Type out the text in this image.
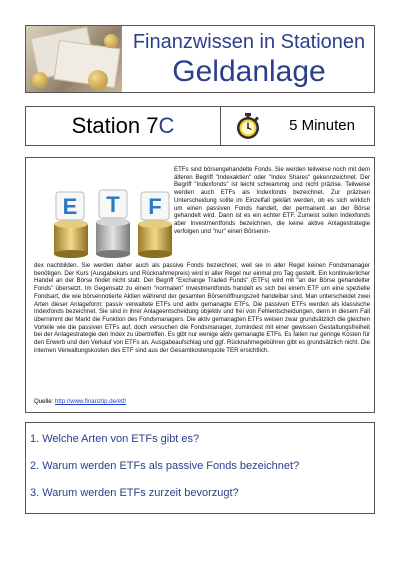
Finanzwissen in Stationen
Geldanlage
Station 7C	5 Minuten
E T F

ETFs sind börsengehandelte Fonds. Sie werden teilweise noch mit dem älteren Begriff "Indexaktien" oder "Index Shares" gekennzeichnet. Der Begriff "Indexfonds" ist leicht schwammig und nicht präzise. Teilweise werden auch ETFs als Indexfonds bezeichnet. Zur präzisen Unterscheidung sollte im Einzelfall geklärt werden, ob es sich wirklich um einen passiven Fonds handelt, der permanent an der Börse gehandelt wird. Dann ist es ein echter ETF. Zumeist sollen Indexfonds aber Investmentfonds bezeichnen, die keine aktive Anlagestrategie verfolgen und "nur" einen Börsenin-

dex nachbilden. Sie werden daher auch als passive Fonds bezeichnet, weil sie in aller Regel keinen Fondsmanager benötigen. Der Kurs (Ausgabekurs und Rücknahmepreis) wird in aller Regel nur einmal pro Tag gestellt. Ein kontinuierlicher Handel an der Börse findet nicht statt. Der Begriff "Exchange Traded Funds" (ETFs) wird mit "an der Börse gehandelter Fonds" übersetzt. Im Gegensatz zu einem "normalen" Investmentfonds handelt es sich bei einem ETF um eine spezielle Fondsart, die wie börsennotierte Aktien während der gesamten Börsenöffnungszeit handelbar sind. Man unterscheidet zwei Arten dieser Anlageform: passiv verwaltete ETFs und aktiv gemanagte ETFs. Die passiven ETFs werden als klassische Indexfonds bezeichnet. Sie sind in ihrer Anlageentscheidung objektiv und frei von Fehlentscheidungen, denn in diesem Fall übernimmt der Markt die Funktion des Fondsmanagers. Die aktiv gemanagten ETFs weisen zwar grundsätzlich die gleichen Vorteile wie die passiven ETFs auf, doch versuchen die Fondsmanager, zumindest mit einer gewissen Gestaltungsfreiheit bei der Anlagestrategie den Index zu übertreffen. Es gibt nur wenige aktiv gemanagte ETFs. Es fallen nur geringe Kosten für den Erwerb und den Verkauf von ETFs an. Ausgabeaufschlag und ggf. Rücknahmegebühren gibt es grundsätzlich nicht. Die internen Verwaltungskosten des ETF sind aus der Gesamtkostenquote TER ersichtlich.

Quelle: http://www.finanztip.de/etf/
1. Welche Arten von ETFs gibt es?
2. Warum werden ETFs als passive Fonds bezeichnet?
3. Warum werden ETFs zurzeit bevorzugt?
